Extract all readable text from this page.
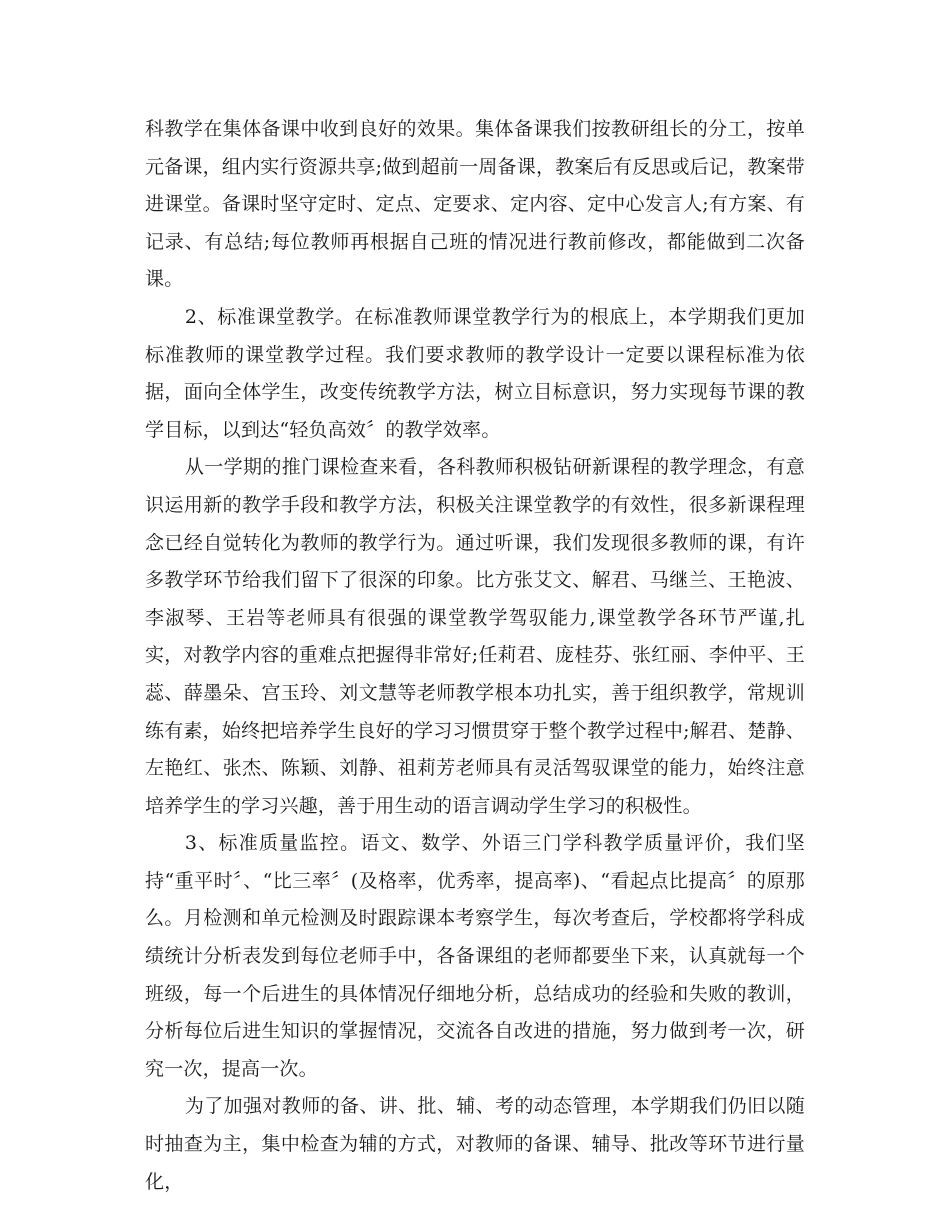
科教学在集体备课中收到良好的效果。集体备课我们按教研组长的分工，按单元备课，组内实行资源共享;做到超前一周备课，教案后有反思或后记，教案带进课堂。备课时坚守定时、定点、定要求、定内容、定中心发言人;有方案、有记录、有总结;每位教师再根据自己班的情况进行教前修改，都能做到二次备课。

2、标准课堂教学。在标准教师课堂教学行为的根底上，本学期我们更加标准教师的课堂教学过程。我们要求教师的教学设计一定要以课程标准为依据，面向全体学生，改变传统教学方法，树立目标意识，努力实现每节课的教学目标，以到达“轻负高效〞的教学效率。

从一学期的推门课检查来看，各科教师积极钻研新课程的教学理念，有意识运用新的教学手段和教学方法，积极关注课堂教学的有效性，很多新课程理念已经自觉转化为教师的教学行为。通过听课，我们发现很多教师的课，有许多教学环节给我们留下了很深的印象。比方张艾文、解君、马继兰、王艳波、李淑琴、王岩等老师具有很强的课堂教学驾驭能力,课堂教学各环节严谨,扎实，对教学内容的重难点把握得非常好;任莉君、庞桂芬、张红丽、李仲平、王蕊、薛墨朵、宫玉玲、刘文慧等老师教学根本功扎实，善于组织教学，常规训练有素，始终把培养学生良好的学习习惯贯穿于整个教学过程中;解君、楚静、左艳红、张杰、陈颖、刘静、祖莉芳老师具有灵活驾驭课堂的能力，始终注意培养学生的学习兴趣，善于用生动的语言调动学生学习的积极性。

3、标准质量监控。语文、数学、外语三门学科教学质量评价，我们坚持“重平时〞、“比三率〞(及格率，优秀率，提高率)、“看起点比提高〞的原那么。月检测和单元检测及时跟踪课本考察学生，每次考查后，学校都将学科成绩统计分析表发到每位老师手中，各备课组的老师都要坐下来，认真就每一个班级，每一个后进生的具体情况仔细地分析，总结成功的经验和失败的教训，分析每位后进生知识的掌握情况，交流各自改进的措施，努力做到考一次，研究一次，提高一次。

为了加强对教师的备、讲、批、辅、考的动态管理，本学期我们仍旧以随时抽查为主，集中检查为辅的方式，对教师的备课、辅导、批改等环节进行量化，
